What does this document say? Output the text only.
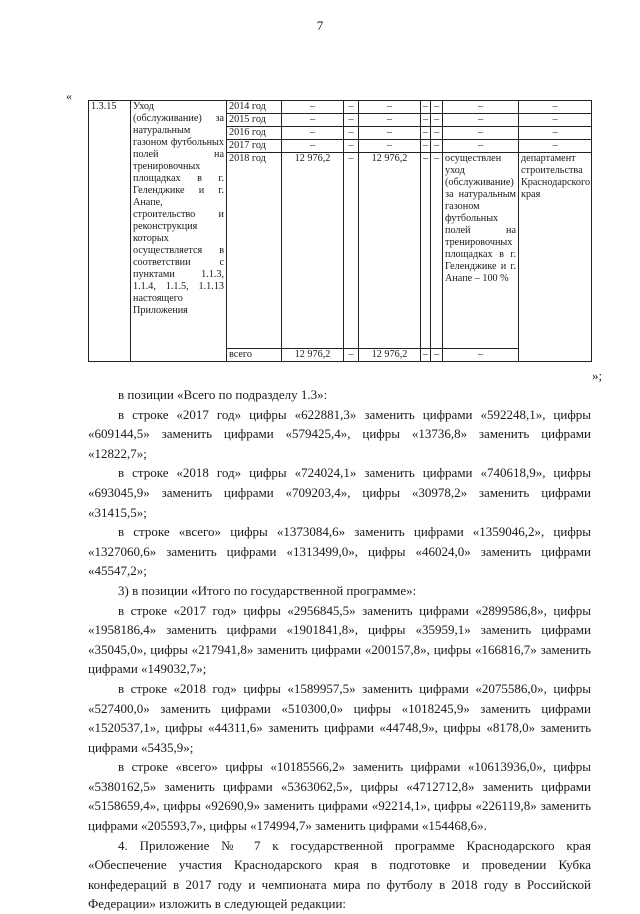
7
«
1.3.15	Уход (обслуживание) за натуральным газоном футбольных полей на тренировочных площадках в г. Геленджике и г. Анапе, строительство и реконструкция которых осуществляется в соответствии с пунктами 1.1.3, 1.1.4, 1.1.5, 1.1.13 настоящего Приложения	2014 год	–	–	–	–	–	–	–
		2015 год	–	–	–	–	–	–	–
		2016 год	–	–	–	–	–	–	–
		2017 год	–	–	–	–	–	–	–
		2018 год	12 976,2	–	12 976,2	–	–	осуществлен уход (обслуживание) за натуральным газоном футбольных полей на тренировочных площадках в г. Геленджике и г. Анапе – 100 %	департамент строительства Краснодарского края
		всего	12 976,2	–	12 976,2	–	–	–	
»;

в позиции «Всего по подразделу 1.3»:

в строке «2017 год» цифры «622881,3» заменить цифрами «592248,1», цифры «609144,5» заменить цифрами «579425,4», цифры «13736,8» заменить цифрами «12822,7»;

в строке «2018 год» цифры «724024,1» заменить цифрами «740618,9», цифры «693045,9» заменить цифрами «709203,4», цифры «30978,2» заменить цифрами «31415,5»;

в строке «всего» цифры «1373084,6» заменить цифрами «1359046,2», цифры «1327060,6» заменить цифрами «1313499,0», цифры «46024,0» заменить цифрами «45547,2»;

3) в позиции «Итого по государственной программе»:

в строке «2017 год» цифры «2956845,5» заменить цифрами «2899586,8», цифры «1958186,4» заменить цифрами «1901841,8», цифры «35959,1» заменить цифрами «35045,0», цифры «217941,8» заменить цифрами «200157,8», цифры «166816,7» заменить цифрами «149032,7»;

в строке «2018 год» цифры «1589957,5» заменить цифрами «2075586,0», цифры «527400,0» заменить цифрами «510300,0» цифры «1018245,9» заменить цифрами «1520537,1», цифры «44311,6» заменить цифрами «44748,9», цифры «8178,0» заменить цифрами «5435,9»;

в строке «всего» цифры «10185566,2» заменить цифрами «10613936,0», цифры «5380162,5» заменить цифрами «5363062,5», цифры «4712712,8» заменить цифрами «5158659,4», цифры «92690,9» заменить цифрами «92214,1», цифры «226119,8» заменить цифрами «205593,7», цифры «174994,7» заменить цифрами «154468,6».

4. Приложение № 7 к государственной программе Краснодарского края «Обеспечение участия Краснодарского края в подготовке и проведении Кубка конфедераций в 2017 году и чемпионата мира по футболу в 2018 году в Российской Федерации» изложить в следующей редакции:
